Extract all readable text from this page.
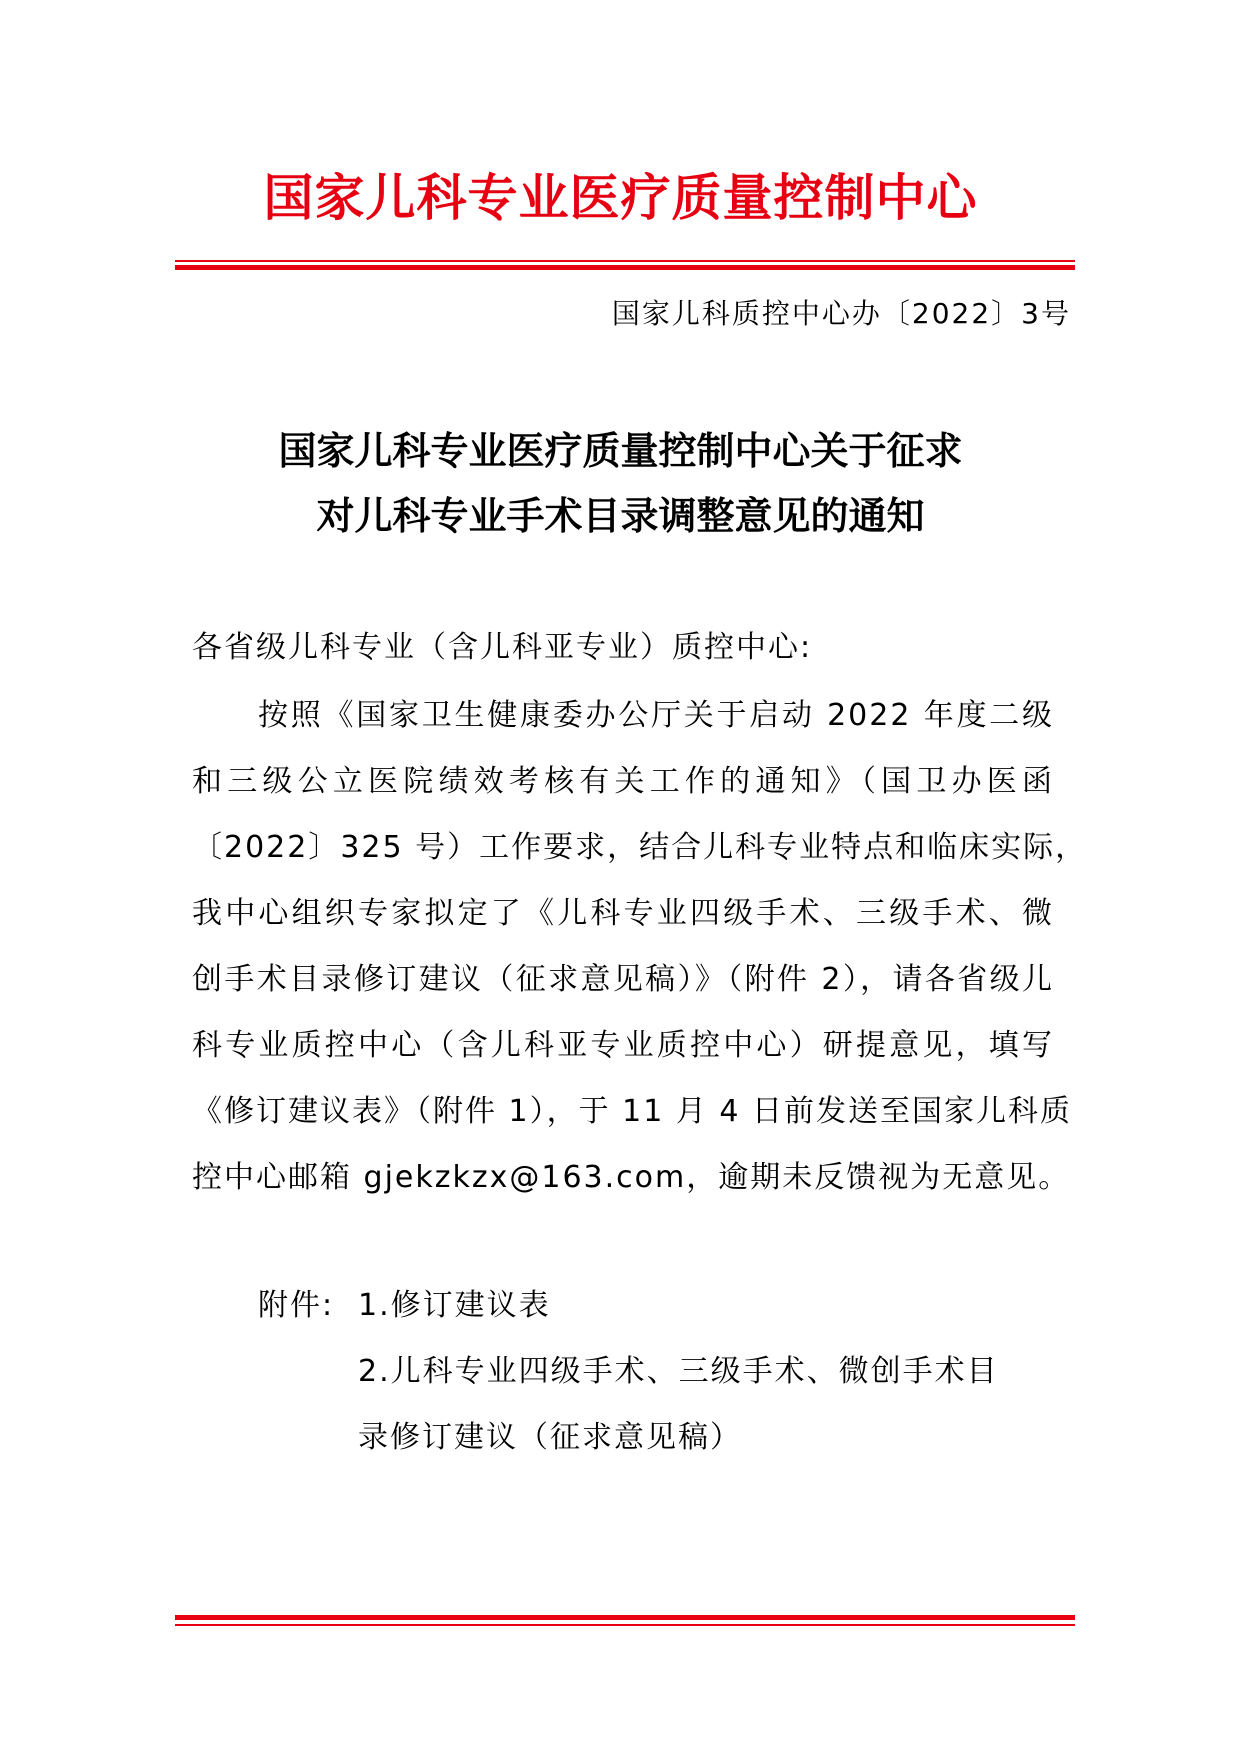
国家儿科专业医疗质量控制中心
国家儿科质控中心办〔2022〕3号
国家儿科专业医疗质量控制中心关于征求
对儿科专业手术目录调整意见的通知
各省级儿科专业（含儿科亚专业）质控中心:
按照《国家卫生健康委办公厅关于启动 2022 年度二级
和三级公立医院绩效考核有关工作的通知》（国卫办医函
〔2022〕325 号）工作要求，结合儿科专业特点和临床实际，
我中心组织专家拟定了《儿科专业四级手术、三级手术、微
创手术目录修订建议（征求意见稿）》（附件 2），请各省级儿
科专业质控中心（含儿科亚专业质控中心）研提意见，填写
《修订建议表》（附件 1），于 11 月 4 日前发送至国家儿科质
控中心邮箱 gjekzkzx@163.com，逾期未反馈视为无意见。
附件: 1.修订建议表
2.儿科专业四级手术、三级手术、微创手术目
录修订建议（征求意见稿）
